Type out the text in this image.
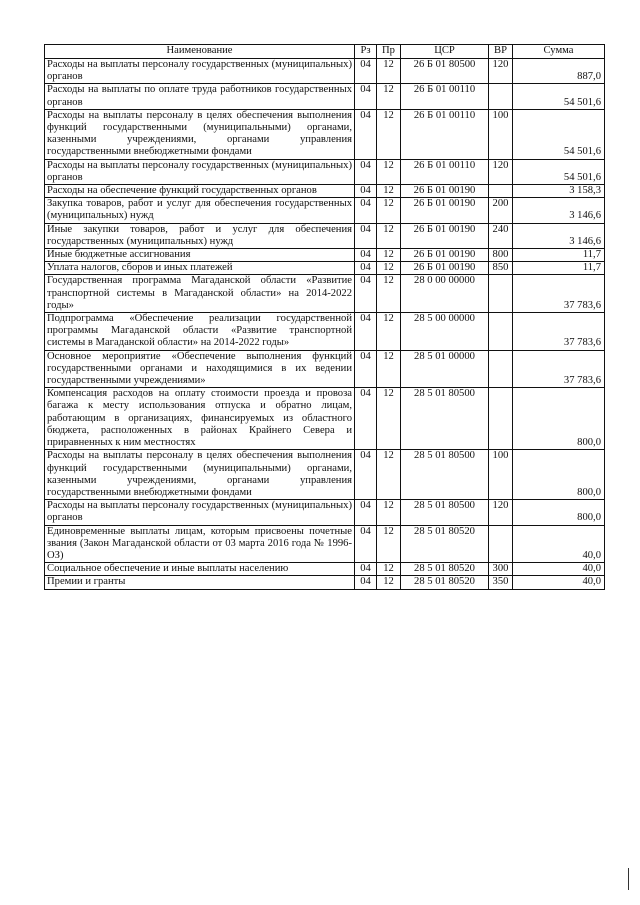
Наименование	Рз	Пр	ЦСР	ВР	Сумма
Расходы на выплаты персоналу государственных (муниципальных) органов	04	12	26 Б 01 80500	120	887,0
Расходы на выплаты по оплате труда работников государственных органов	04	12	26 Б 01 00110		54 501,6
Расходы на выплаты персоналу в целях обеспечения выполнения функций государственными (муниципальными) органами, казенными учреждениями, органами управления государственными внебюджетными фондами	04	12	26 Б 01 00110	100	54 501,6
Расходы на выплаты персоналу государственных (муниципальных) органов	04	12	26 Б 01 00110	120	54 501,6
Расходы на обеспечение функций государственных органов	04	12	26 Б 01 00190		3 158,3
Закупка товаров, работ и услуг для обеспечения государственных (муниципальных) нужд	04	12	26 Б 01 00190	200	3 146,6
Иные закупки товаров, работ и услуг для обеспечения государственных (муниципальных) нужд	04	12	26 Б 01 00190	240	3 146,6
Иные бюджетные ассигнования	04	12	26 Б 01 00190	800	11,7
Уплата налогов, сборов и иных платежей	04	12	26 Б 01 00190	850	11,7
Государственная программа Магаданской области «Развитие транспортной системы в Магаданской области» на 2014-2022 годы»	04	12	28 0 00 00000		37 783,6
Подпрограмма «Обеспечение реализации государственной программы Магаданской области «Развитие транспортной системы в Магаданской области» на 2014-2022 годы»	04	12	28 5 00 00000		37 783,6
Основное мероприятие «Обеспечение выполнения функций государственными органами и находящимися в их ведении государственными учреждениями»	04	12	28 5 01 00000		37 783,6
Компенсация расходов на оплату стоимости проезда и провоза багажа к месту использования отпуска и обратно лицам, работающим в организациях, финансируемых из областного бюджета, расположенных в районах Крайнего Севера и приравненных к ним местностях	04	12	28 5 01 80500		800,0
Расходы на выплаты персоналу в целях обеспечения выполнения функций государственными (муниципальными) органами, казенными учреждениями, органами управления государственными внебюджетными фондами	04	12	28 5 01 80500	100	800,0
Расходы на выплаты персоналу государственных (муниципальных) органов	04	12	28 5 01 80500	120	800,0
Единовременные выплаты лицам, которым присвоены почетные звания (Закон Магаданской области от 03 марта 2016 года № 1996-ОЗ)	04	12	28 5 01 80520		40,0
Социальное обеспечение и иные выплаты населению	04	12	28 5 01 80520	300	40,0
Премии и гранты	04	12	28 5 01 80520	350	40,0
